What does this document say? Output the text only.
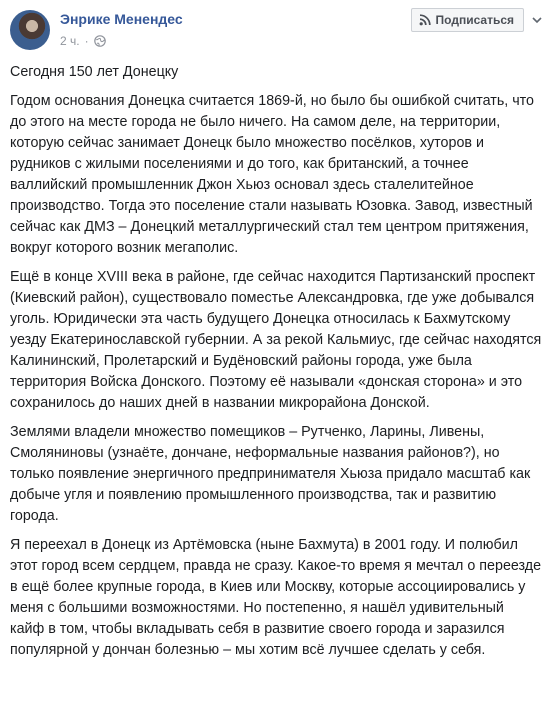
Энрике Менендес
2 ч. ·
Подписаться

Сегодня 150 лет Донецку

Годом основания Донецка считается 1869-й, но было бы ошибкой считать, что до этого на месте города не было ничего. На самом деле, на территории, которую сейчас занимает Донецк было множество посёлков, хуторов и рудников с жилыми поселениями и до того, как британский, а точнее валлийский промышленник Джон Хьюз основал здесь сталелитейное производство. Тогда это поселение стали называть Юзовка. Завод, известный сейчас как ДМЗ – Донецкий металлургический стал тем центром притяжения, вокруг которого возник мегаполис.

Ещё в конце XVIII века в районе, где сейчас находится Партизанский проспект (Киевский район), существовало поместье Александровка, где уже добывался уголь. Юридически эта часть будущего Донецка относилась к Бахмутскому уезду Екатеринославской губернии. А за рекой Кальмиус, где сейчас находятся Калининский, Пролетарский и Будёновский районы города, уже была территория Войска Донского. Поэтому её называли «донская сторона» и это сохранилось до наших дней в названии микрорайона Донской.

Землями владели множество помещиков – Рутченко, Ларины, Ливены, Смоляниновы (узнаёте, дончане, неформальные названия районов?), но только появление энергичного предпринимателя Хьюза придало масштаб как добыче угля и появлению промышленного производства, так и развитию города.

Я переехал в Донецк из Артёмовска (ныне Бахмута) в 2001 году. И полюбил этот город всем сердцем, правда не сразу. Какое-то время я мечтал о переезде в ещё более крупные города, в Киев или Москву, которые ассоциировались у меня с большими возможностями. Но постепенно, я нашёл удивительный кайф в том, чтобы вкладывать себя в развитие своего города и заразился популярной у дончан болезнью – мы хотим всё лучшее сделать у себя.
